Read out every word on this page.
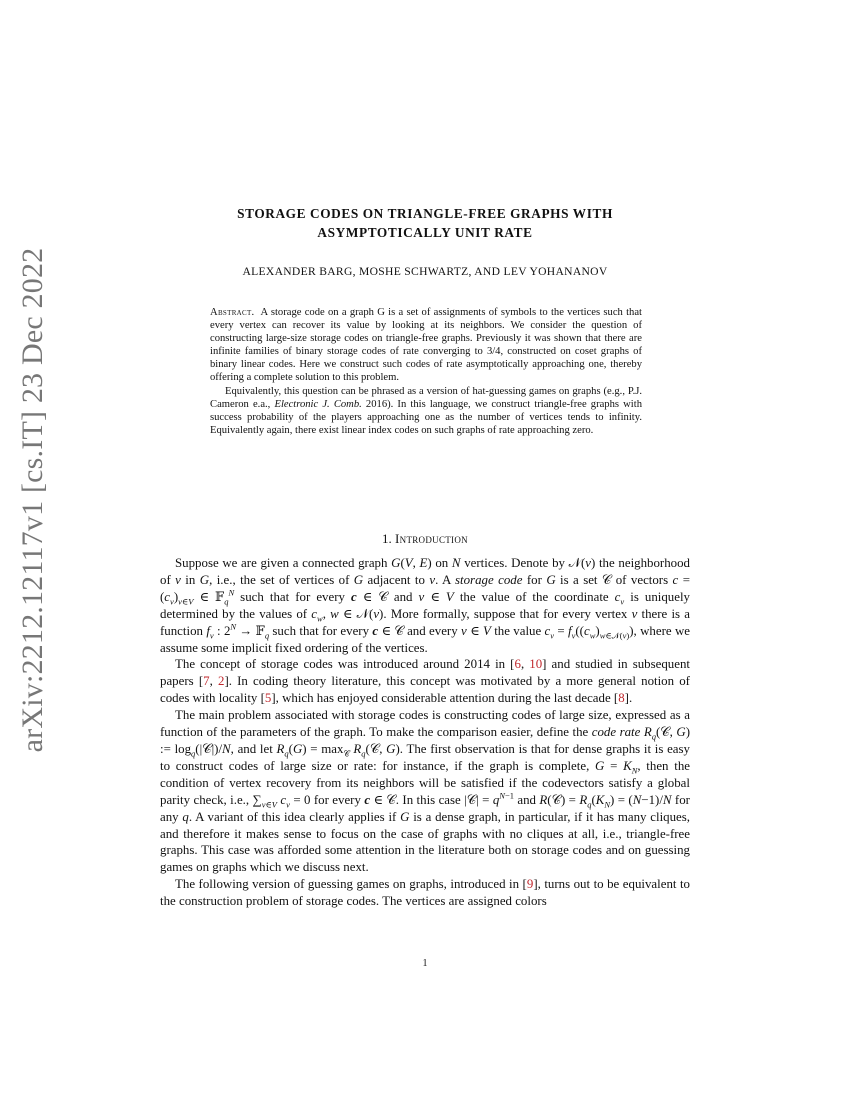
arXiv:2212.12117v1 [cs.IT] 23 Dec 2022
STORAGE CODES ON TRIANGLE-FREE GRAPHS WITH
ASYMPTOTICALLY UNIT RATE
ALEXANDER BARG, MOSHE SCHWARTZ, AND LEV YOHANANOV

Abstract. A storage code on a graph G is a set of assignments of symbols to the vertices such that every vertex can recover its value by looking at its neighbors. We consider the question of constructing large-size storage codes on triangle-free graphs. Previously it was shown that there are infinite families of binary storage codes of rate converging to 3/4, constructed on coset graphs of binary linear codes. Here we construct such codes of rate asymptotically approaching one, thereby offering a complete solution to this problem.

Equivalently, this question can be phrased as a version of hat-guessing games on graphs (e.g., P.J. Cameron e.a., Electronic J. Comb. 2016). In this language, we construct triangle-free graphs with success probability of the players approaching one as the number of vertices tends to infinity. Equivalently again, there exist linear index codes on such graphs of rate approaching zero.

1. Introduction

Suppose we are given a connected graph G(V, E) on N vertices. Denote by 𝒩(v) the neighborhood of v in G, i.e., the set of vertices of G adjacent to v. A storage code for G is a set 𝒞 of vectors $c = (c_v)_{v\in V}$ ∈ 𝔽$_q^N$ such that for every c ∈ 𝒞 and v ∈ V the value of the coordinate $c_v$ is uniquely determined by the values of $c_w$, w ∈ 𝒩(v). More formally, suppose that for every vertex v there is a function $f_v$ : $2^N$ → 𝔽$_q$ such that for every c ∈ 𝒞 and every v ∈ V the value $c_v = f_v((c_w)_{w\in 𝒩(v)})$, where we assume some implicit fixed ordering of the vertices.

The concept of storage codes was introduced around 2014 in [6, 10] and studied in subsequent papers [7, 2]. In coding theory literature, this concept was motivated by a more general notion of codes with locality [5], which has enjoyed considerable attention during the last decade [8].

The main problem associated with storage codes is constructing codes of large size, expressed as a function of the parameters of the graph. To make the comparison easier, define the code rate $R_q(𝒞$, G) := $\log_q(|𝒞|)/N$, and let $R_q(G) = \max_𝒞$ $R_q(𝒞$, G). The first observation is that for dense graphs it is easy to construct codes of large size or rate: for instance, if the graph is complete, $G = K_N$, then the condition of vertex recovery from its neighbors will be satisfied if the codevectors satisfy a global parity check, i.e., $\sum_{v\in V}$ $c_v = 0$ for every c ∈ 𝒞. In this case |𝒞| = $q^{N-1}$ and R(𝒞) = $R_q(K_N) = (N-1)/N$ for any q. A variant of this idea clearly applies if G is a dense graph, in particular, if it has many cliques, and therefore it makes sense to focus on the case of graphs with no cliques at all, i.e., triangle-free graphs. This case was afforded some attention in the literature both on storage codes and on guessing games on graphs which we discuss next.

The following version of guessing games on graphs, introduced in [9], turns out to be equivalent to the construction problem of storage codes. The vertices are assigned colors

1
